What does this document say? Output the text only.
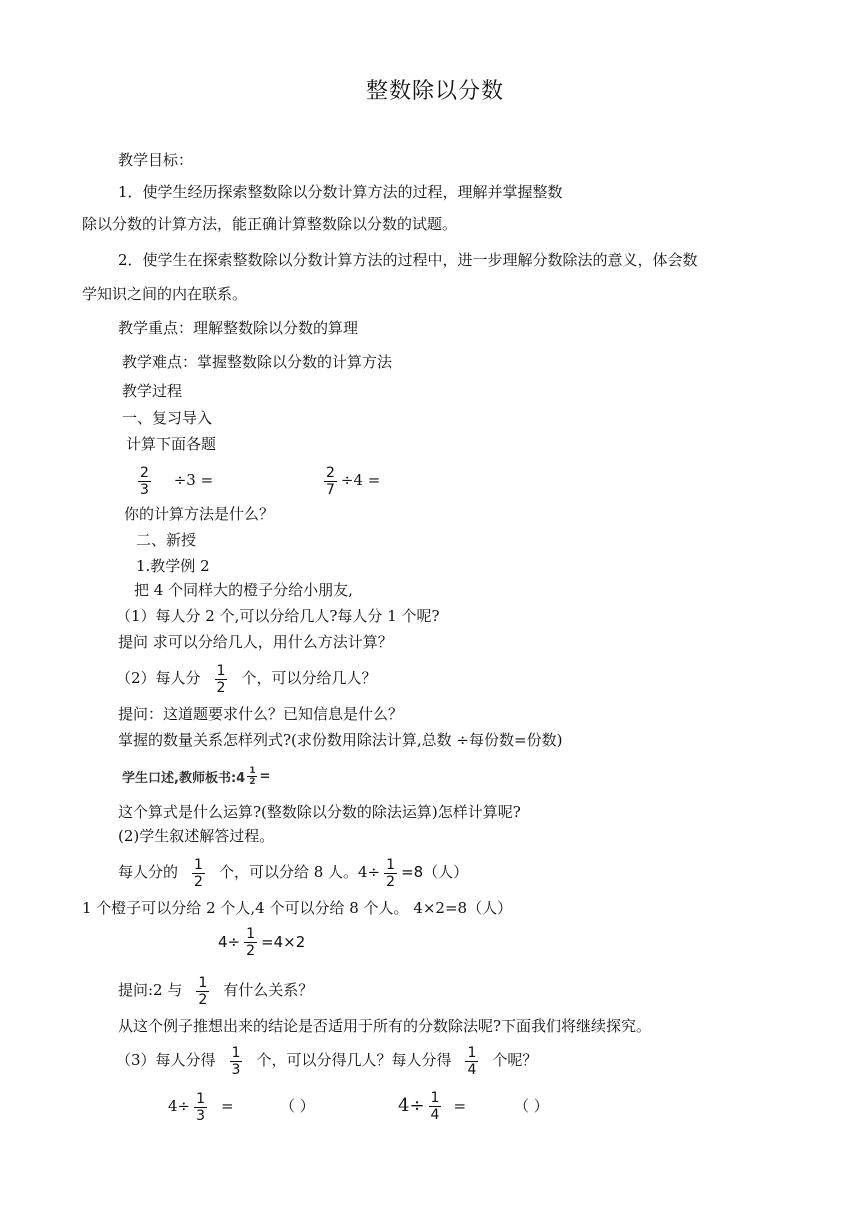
整数除以分数
教学目标：
1．使学生经历探索整数除以分数计算方法的过程，理解并掌握整数
除以分数的计算方法，能正确计算整数除以分数的试题。
2．使学生在探索整数除以分数计算方法的过程中，进一步理解分数除法的意义，体会数
学知识之间的内在联系。
教学重点：理解整数除以分数的算理
教学难点：掌握整数除以分数的计算方法
教学过程
一、复习导入
计算下面各题
$\frac{2}{3} \div 3$ =	$\frac{2}{7} \div 4$ =
你的计算方法是什么？
二、新授
1.教学例 2
把 4 个同样大的橙子分给小朋友,
（1）每人分 2 个,可以分给几人?每人分 1 个呢?
提问 求可以分给几人，用什么方法计算？
（2）每人分 $\frac{1}{2}$ 个，可以分给几人？
提问：这道题要求什么？已知信息是什么？
掌握的数量关系怎样列式?(求份数用除法计算,总数 ÷每份数=份数)
学生口述,教师板书:4 $\frac{1}{2}$ =
这个算式是什么运算?(整数除以分数的除法运算)怎样计算呢?
(2)学生叙述解答过程。
每人分的 $\frac{1}{2}$ 个，可以分给 8 人。$4\div \frac{1}{2} =8$（人）
1 个橙子可以分给 2 个人,4 个可以分给 8 个人。 4×2=8（人）
$4\div \frac{1}{2} =4\times 2$
提问:2 与 $\frac{1}{2}$ 有什么关系？
从这个例子推想出来的结论是否适用于所有的分数除法呢?下面我们将继续探究。
（3）每人分得 $\frac{1}{3}$ 个，可以分得几人？每人分得 $\frac{1}{4}$ 个呢？
$4\div \frac{1}{3}$ =	（ ）	$4\div \frac{1}{4}$ =	（ ）
